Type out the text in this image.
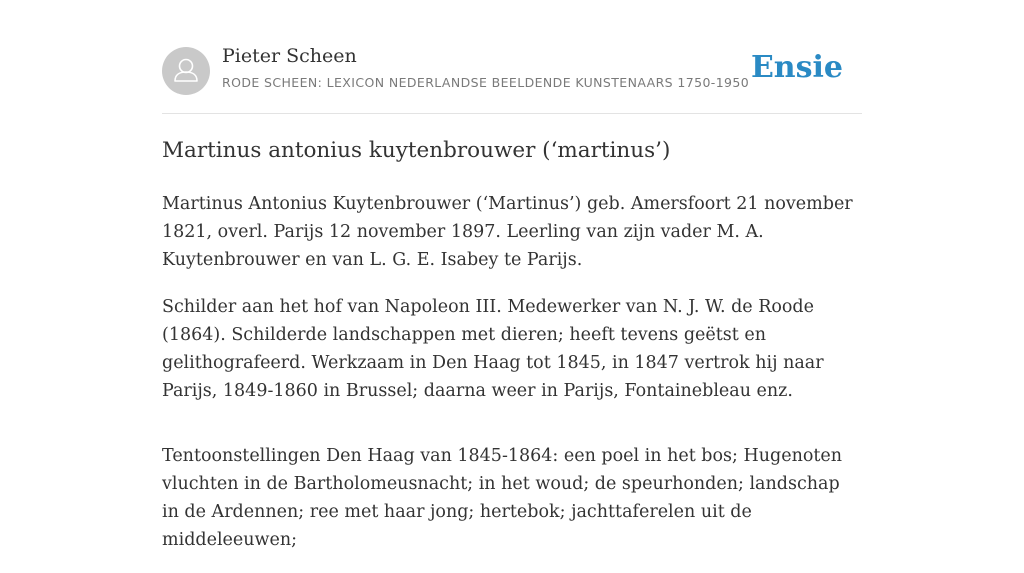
Pieter Scheen
RODE SCHEEN: LEXICON NEDERLANDSE BEELDENDE KUNSTENAARS 1750-1950 Ensie
Martinus antonius kuytenbrouwer (‘martinus’)

Martinus Antonius Kuytenbrouwer (‘Martinus’) geb. Amersfoort 21 november 1821, overl. Parijs 12 november 1897. Leerling van zijn vader M. A. Kuytenbrouwer en van L. G. E. Isabey te Parijs.

Schilder aan het hof van Napoleon III. Medewerker van N. J. W. de Roode (1864). Schilderde landschappen met dieren; heeft tevens geëtst en gelithografeerd. Werkzaam in Den Haag tot 1845, in 1847 vertrok hij naar Parijs, 1849-1860 in Brussel; daarna weer in Parijs, Fontainebleau enz.

Tentoonstellingen Den Haag van 1845-1864: een poel in het bos; Hugenoten vluchten in de Bartholomeusnacht; in het woud; de speurhonden; landschap in de Ardennen; ree met haar jong; hertebok; jachttaferelen uit de middeleeuwen;
